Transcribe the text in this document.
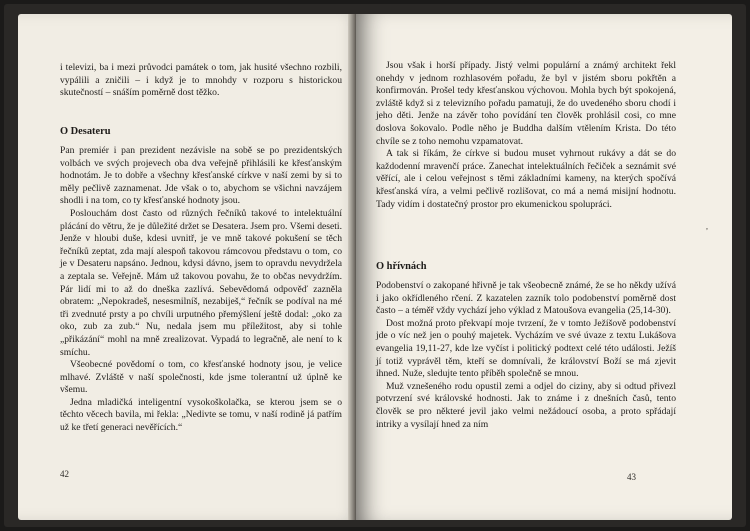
i televizi, ba i mezi průvodci památek o tom, jak husité všechno rozbili, vypálili a zničili – i když je to mnohdy v rozporu s historickou skutečností – snáším poměrně dost těžko.

O Desateru

Pan premiér i pan prezident nezávisle na sobě se po prezidentských volbách ve svých projevech oba dva veřejně přihlásili ke křesťanským hodnotám. Je to dobře a všechny křesťanské církve v naší zemi by si to měly pečlivě zaznamenat. Jde však o to, abychom se všichni navzájem shodli i na tom, co ty křesťanské hodnoty jsou.

Poslouchám dost často od různých řečníků takové to intelektuální plácání do větru, že je důležité držet se Desatera. Jsem pro. Všemi deseti. Jenže v hloubi duše, kdesi uvnitř, je ve mně takové pokušení se těch řečníků zeptat, zda mají alespoň takovou rámcovou představu o tom, co je v Desateru napsáno. Jednou, kdysi dávno, jsem to opravdu nevydržela a zeptala se. Veřejně. Mám už takovou povahu, že to občas nevydržím. Pár lidí mi to až do dneška zazlívá. Sebevědomá odpověď zazněla obratem: „Nepokradeš, nesesmilníš, nezabiješ,“ řečník se podíval na mé tři zvednuté prsty a po chvíli urputného přemýšlení ještě dodal: „oko za oko, zub za zub.“ Nu, nedala jsem mu příležitost, aby si tohle „přikázání“ mohl na mně zrealizovat. Vypadá to legračně, ale není to k smíchu.

Všeobecné povědomí o tom, co křesťanské hodnoty jsou, je velice mlhavé. Zvláště v naší společnosti, kde jsme tolerantní už úplně ke všemu.

Jedna mladičká inteligentní vysokoškolačka, se kterou jsem se o těchto věcech bavila, mi řekla: „Nedivte se tomu, v naší rodině já patřím už ke třetí generaci nevěřících.“

42

Jsou však i horší případy. Jistý velmi populární a známý architekt řekl onehdy v jednom rozhlasovém pořadu, že byl v jistém sboru pokřtěn a konfirmován. Prošel tedy křesťanskou výchovou. Mohla bych být spokojená, zvláště když si z televizního pořadu pamatuji, že do uvedeného sboru chodí i jeho děti. Jenže na závěr toho povídání ten člověk prohlásil cosi, co mne doslova šokovalo. Podle něho je Buddha dalším vtělením Krista. Do této chvíle se z toho nemohu vzpamatovat.

A tak si říkám, že církve si budou muset vyhrnout rukávy a dát se do každodenní mravenčí práce. Zanechat intelektuálních řečiček a seznámit své věřící, ale i celou veřejnost s těmi základními kameny, na kterých spočívá křesťanská víra, a velmi pečlivě rozlišovat, co má a nemá misijní hodnotu. Tady vidím i dostatečný prostor pro ekumenickou spolupráci.

O hřívnách

Podobenství o zakopané hřivně je tak všeobecně známé, že se ho někdy užívá i jako okřídleného rčení. Z kazatelen zazník tolo podobenství poměrně dost často – a téměř vždy vychází jeho výklad z Matoušova evangelia (25,14-30).

Dost možná proto překvapí moje tvrzení, že v tomto Ježíšově podobenství jde o víc než jen o pouhý majetek. Vycházím ve své úvaze z textu Lukášova evangelia 19,11-27, kde lze vyčíst i politický podtext celé této události. Ježíš jí totiž vyprávěl těm, kteří se domnívali, že království Boží se má zjevit ihned. Nuže, sledujte tento příběh společně se mnou.

Muž vznešeného rodu opustil zemi a odjel do ciziny, aby si odtud přivezl potvrzení své královské hodnosti. Jak to známe i z dnešních časů, tento člověk se pro některé jevil jako velmi nežádoucí osoba, a proto spřádají intriky a vysílají hned za ním

,
43
